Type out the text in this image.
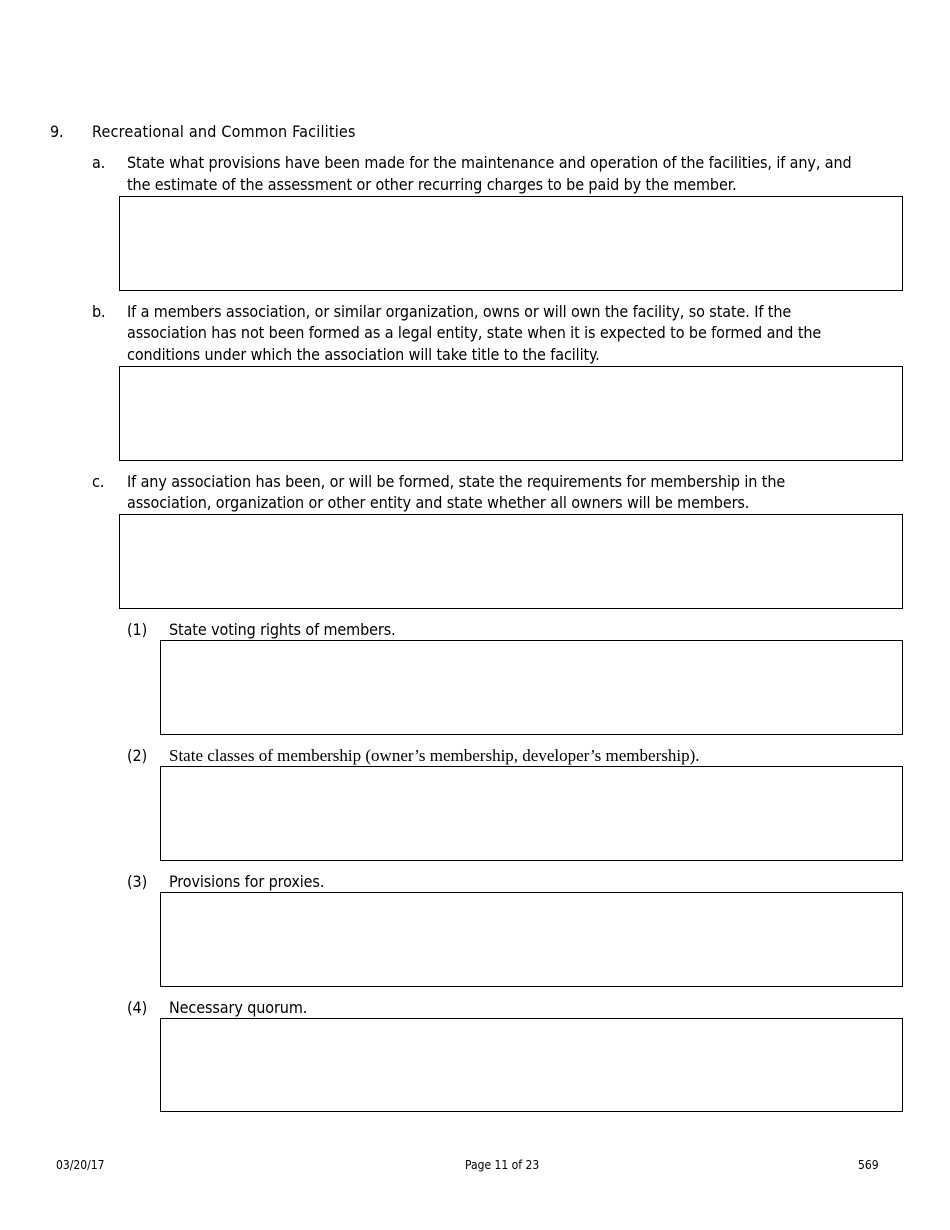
9. Recreational and Common Facilities
a. State what provisions have been made for the maintenance and operation of the facilities, if any, and
the estimate of the assessment or other recurring charges to be paid by the member.
b. If a members association, or similar organization, owns or will own the facility, so state. If the
association has not been formed as a legal entity, state when it is expected to be formed and the
conditions under which the association will take title to the facility.
c. If any association has been, or will be formed, state the requirements for membership in the
association, organization or other entity and state whether all owners will be members.
(1) State voting rights of members.
(2) State classes of membership (owner’s membership, developer’s membership).
(3) Provisions for proxies.
(4) Necessary quorum.
03/20/17	Page 11 of 23	569
